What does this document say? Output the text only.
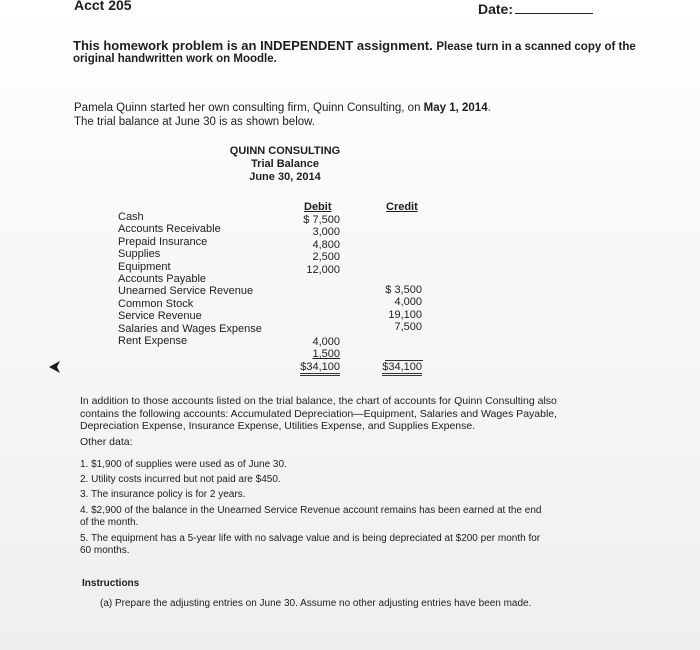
Acct 205	Date:
This homework problem is an INDEPENDENT assignment. Please turn in a scanned copy of the
original handwritten work on Moodle.
Pamela Quinn started her own consulting firm, Quinn Consulting, on May 1, 2014.
The trial balance at June 30 is as shown below.
QUINN CONSULTING
Trial Balance
June 30, 2014
Debit	Credit
Cash
Accounts Receivable
Prepaid Insurance
Supplies
Equipment
Accounts Payable
Unearned Service Revenue
Common Stock
Service Revenue
Salaries and Wages Expense
Rent Expense
$ 7,500
3,000
4,800
2,500
12,000
4,000
1,500
$34,100
$ 3,500
4,000
19,100
7,500
$34,100
In addition to those accounts listed on the trial balance, the chart of accounts for Quinn Consulting also
contains the following accounts: Accumulated Depreciation—Equipment, Salaries and Wages Payable,
Depreciation Expense, Insurance Expense, Utilities Expense, and Supplies Expense.
Other data:
1. $1,900 of supplies were used as of June 30.
2. Utility costs incurred but not paid are $450.
3. The insurance policy is for 2 years.
4. $2,900 of the balance in the Unearned Service Revenue account remains has been earned at the end
of the month.
5. The equipment has a 5-year life with no salvage value and is being depreciated at $200 per month for
60 months.
Instructions
(a) Prepare the adjusting entries on June 30. Assume no other adjusting entries have been made.
